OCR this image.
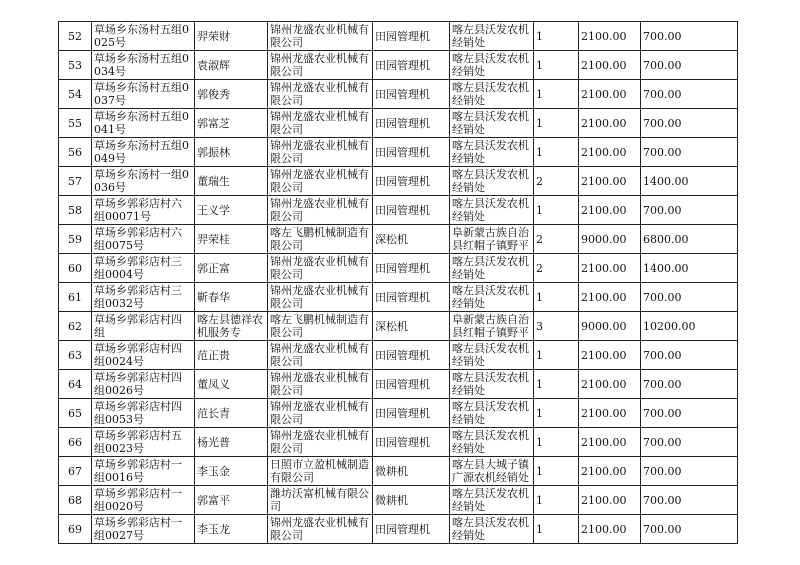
52	草场乡东汤村五组0025号	羿荣财	锦州龙盛农业机械有限公司	田园管理机	喀左县沃发农机经销处	1	2100.00	700.00
53	草场乡东汤村五组0034号	袁淑辉	锦州龙盛农业机械有限公司	田园管理机	喀左县沃发农机经销处	1	2100.00	700.00
54	草场乡东汤村五组0037号	郭俊秀	锦州龙盛农业机械有限公司	田园管理机	喀左县沃发农机经销处	1	2100.00	700.00
55	草场乡东汤村五组0041号	郭富芝	锦州龙盛农业机械有限公司	田园管理机	喀左县沃发农机经销处	1	2100.00	700.00
56	草场乡东汤村五组0049号	郭振林	锦州龙盛农业机械有限公司	田园管理机	喀左县沃发农机经销处	1	2100.00	700.00
57	草场乡东汤村一组0036号	董瑞生	锦州龙盛农业机械有限公司	田园管理机	喀左县沃发农机经销处	2	2100.00	1400.00
58	草场乡郭彩店村六组00071号	王义学	锦州龙盛农业机械有限公司	田园管理机	喀左县沃发农机经销处	1	2100.00	700.00
59	草场乡郭彩店村六组0075号	羿荣桂	喀左飞鹏机械制造有限公司	深松机	阜新蒙古族自治县红帽子镇野平	2	9000.00	6800.00
60	草场乡郭彩店村三组0004号	郭正富	锦州龙盛农业机械有限公司	田园管理机	喀左县沃发农机经销处	2	2100.00	1400.00
61	草场乡郭彩店村三组0032号	靳春华	锦州龙盛农业机械有限公司	田园管理机	喀左县沃发农机经销处	1	2100.00	700.00
62	草场乡郭彩店村四组	喀左县德祥农机服务专	喀左飞鹏机械制造有限公司	深松机	阜新蒙古族自治县红帽子镇野平	3	9000.00	10200.00
63	草场乡郭彩店村四组0024号	范正贵	锦州龙盛农业机械有限公司	田园管理机	喀左县沃发农机经销处	1	2100.00	700.00
64	草场乡郭彩店村四组0026号	董凤义	锦州龙盛农业机械有限公司	田园管理机	喀左县沃发农机经销处	1	2100.00	700.00
65	草场乡郭彩店村四组0053号	范长青	锦州龙盛农业机械有限公司	田园管理机	喀左县沃发农机经销处	1	2100.00	700.00
66	草场乡郭彩店村五组0023号	杨光普	锦州龙盛农业机械有限公司	田园管理机	喀左县沃发农机经销处	1	2100.00	700.00
67	草场乡郭彩店村一组0016号	李玉金	日照市立盈机械制造有限公司	微耕机	喀左县大城子镇广源农机经销处	1	2100.00	700.00
68	草场乡郭彩店村一组0020号	郭富平	潍坊沃富机械有限公司	微耕机	喀左县沃发农机经销处	1	2100.00	700.00
69	草场乡郭彩店村一组0027号	李玉龙	锦州龙盛农业机械有限公司	田园管理机	喀左县沃发农机经销处	1	2100.00	700.00
